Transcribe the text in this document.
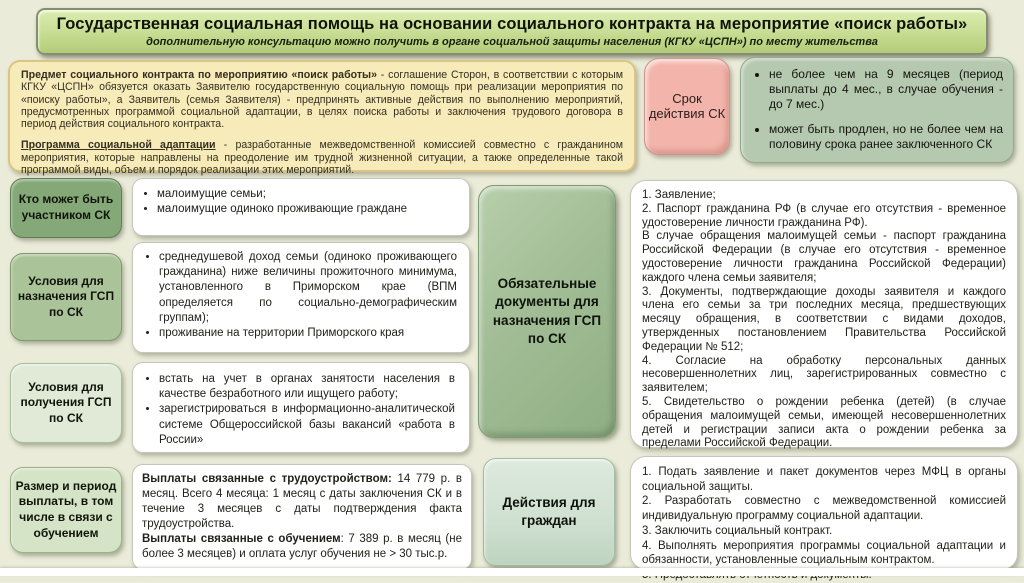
Государственная социальная помощь на основании социального контракта на мероприятие «поиск работы»
дополнительную консультацию можно получить в органе социальной защиты населения (КГКУ «ЦСПН») по месту жительства

Предмет социального контракта по мероприятию «поиск работы» - соглашение Сторон, в соответствии с которым КГКУ «ЦСПН» обязуется оказать Заявителю государственную социальную помощь при реализации мероприятия по «поиску работы», а Заявитель (семья Заявителя) - предпринять активные действия по выполнению мероприятий, предусмотренных программой социальной адаптации, в целях поиска работы и заключения трудового договора в период действия социального контракта.

Программа социальной адаптации - разработанные межведомственной комиссией совместно с гражданином мероприятия, которые направлены на преодоление им трудной жизненной ситуации, а также определенные такой программой виды, объем и порядок реализации этих мероприятий.

Срок действия СК
• не более чем на 9 месяцев (период выплаты до 4 мес., в случае обучения - до 7 мес.)
• может быть продлен, но не более чем на половину срока ранее заключенного СК
Кто может быть участником СК
• малоимущие семьи;
• малоимущие одиноко проживающие граждане
Условия для назначения ГСП по СК
• среднедушевой доход семьи (одиноко проживающего гражданина) ниже величины прожиточного минимума, установленного в Приморском крае (ВПМ определяется по социально-демографическим группам);
• проживание на территории Приморского края
Условия для получения ГСП по СК
• встать на учет в органах занятости населения в качестве безработного или ищущего работу;
• зарегистрироваться в информационно-аналитической системе Общероссийской базы вакансий «работа в России»
Размер и период выплаты, в том числе в связи с обучением

Выплаты связанные с трудоустройством: 14 779 р. в месяц. Всего 4 месяца: 1 месяц с даты заключения СК и в течение 3 месяцев с даты подтверждения факта трудоустройства.

Выплаты связанные с обучением: 7 389 р. в месяц (не более 3 месяцев) и оплата услуг обучения не > 30 тыс.р.

Обязательные документы для назначения ГСП по СК
Действия для граждан

1. Заявление;

2. Паспорт гражданина РФ (в случае его отсутствия - временное удостоверение личности гражданина РФ).

В случае обращения малоимущей семьи - паспорт гражданина Российской Федерации (в случае его отсутствия - временное удостоверение личности гражданина Российской Федерации) каждого члена семьи заявителя;

3. Документы, подтверждающие доходы заявителя и каждого члена его семьи за три последних месяца, предшествующих месяцу обращения, в соответствии с видами доходов, утвержденных постановлением Правительства Российской Федерации № 512;

4. Согласие на обработку персональных данных несовершеннолетних лиц, зарегистрированных совместно с заявителем;

5. Свидетельство о рождении ребенка (детей) (в случае обращения малоимущей семьи, имеющей несовершеннолетних детей и регистрации записи акта о рождении ребенка за пределами Российской Федерации.

1. Подать заявление и пакет документов через МФЦ в органы социальной защиты.

2. Разработать совместно с межведомственной комиссией индивидуальную программу социальной адаптации.

3. Заключить социальный контракт.

4. Выполнять мероприятия программы социальной адаптации и обязанности, установленные социальным контрактом.
